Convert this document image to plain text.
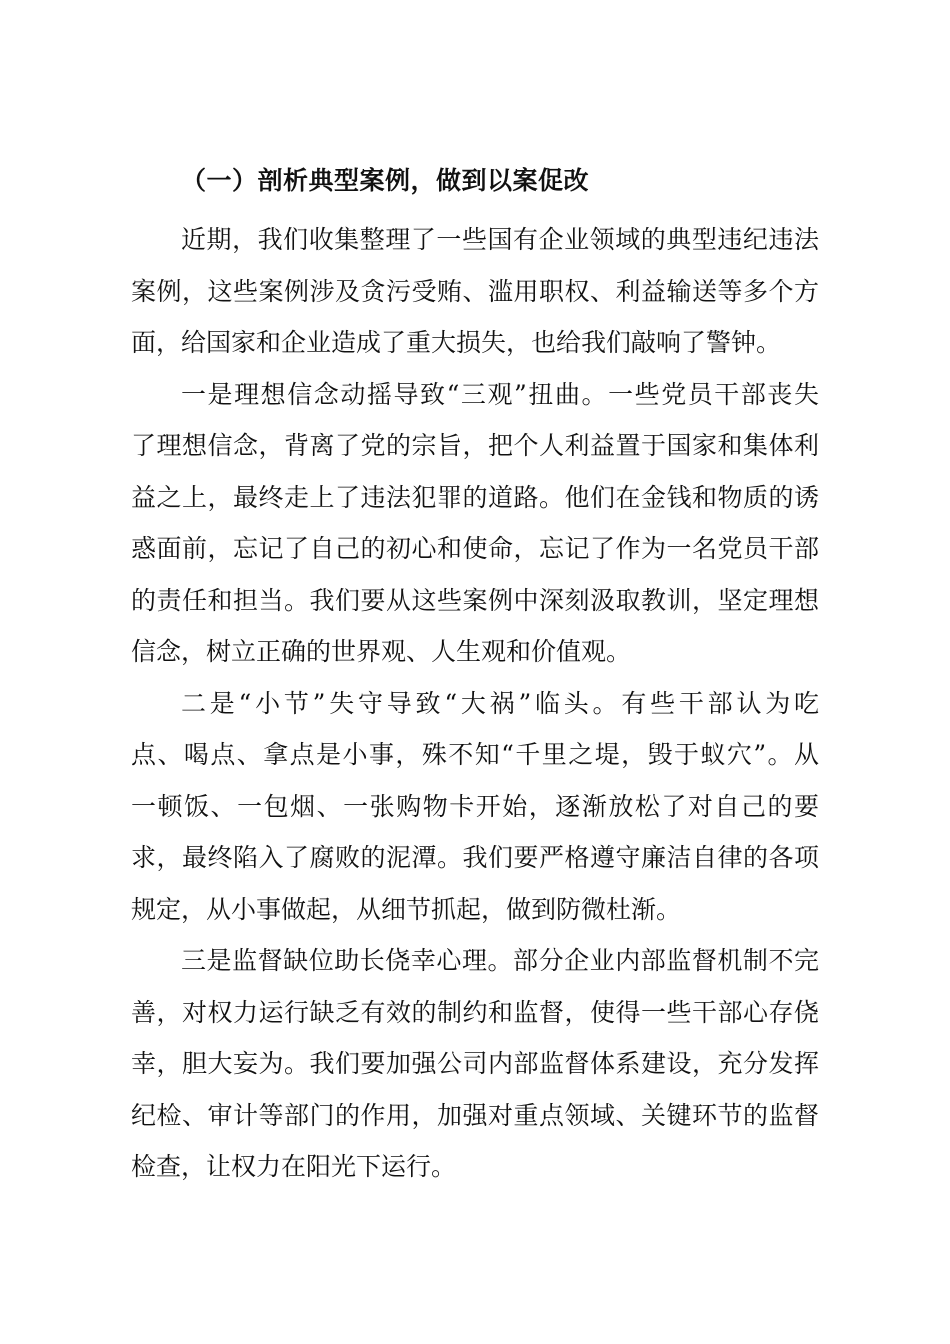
（一）剖析典型案例，做到以案促改
近期，我们收集整理了一些国有企业领域的典型违纪违法
案例，这些案例涉及贪污受贿、滥用职权、利益输送等多个方
面，给国家和企业造成了重大损失，也给我们敲响了警钟。
一是理想信念动摇导致“三观”扭曲。一些党员干部丧失
了理想信念，背离了党的宗旨，把个人利益置于国家和集体利
益之上，最终走上了违法犯罪的道路。他们在金钱和物质的诱
惑面前，忘记了自己的初心和使命，忘记了作为一名党员干部
的责任和担当。我们要从这些案例中深刻汲取教训，坚定理想
信念，树立正确的世界观、人生观和价值观。
二是“小节”失守导致“大祸”临头。有些干部认为吃
点、喝点、拿点是小事，殊不知“千里之堤，毁于蚁穴”。从
一顿饭、一包烟、一张购物卡开始，逐渐放松了对自己的要
求，最终陷入了腐败的泥潭。我们要严格遵守廉洁自律的各项
规定，从小事做起，从细节抓起，做到防微杜渐。
三是监督缺位助长侥幸心理。部分企业内部监督机制不完
善，对权力运行缺乏有效的制约和监督，使得一些干部心存侥
幸，胆大妄为。我们要加强公司内部监督体系建设，充分发挥
纪检、审计等部门的作用，加强对重点领域、关键环节的监督
检查，让权力在阳光下运行。
